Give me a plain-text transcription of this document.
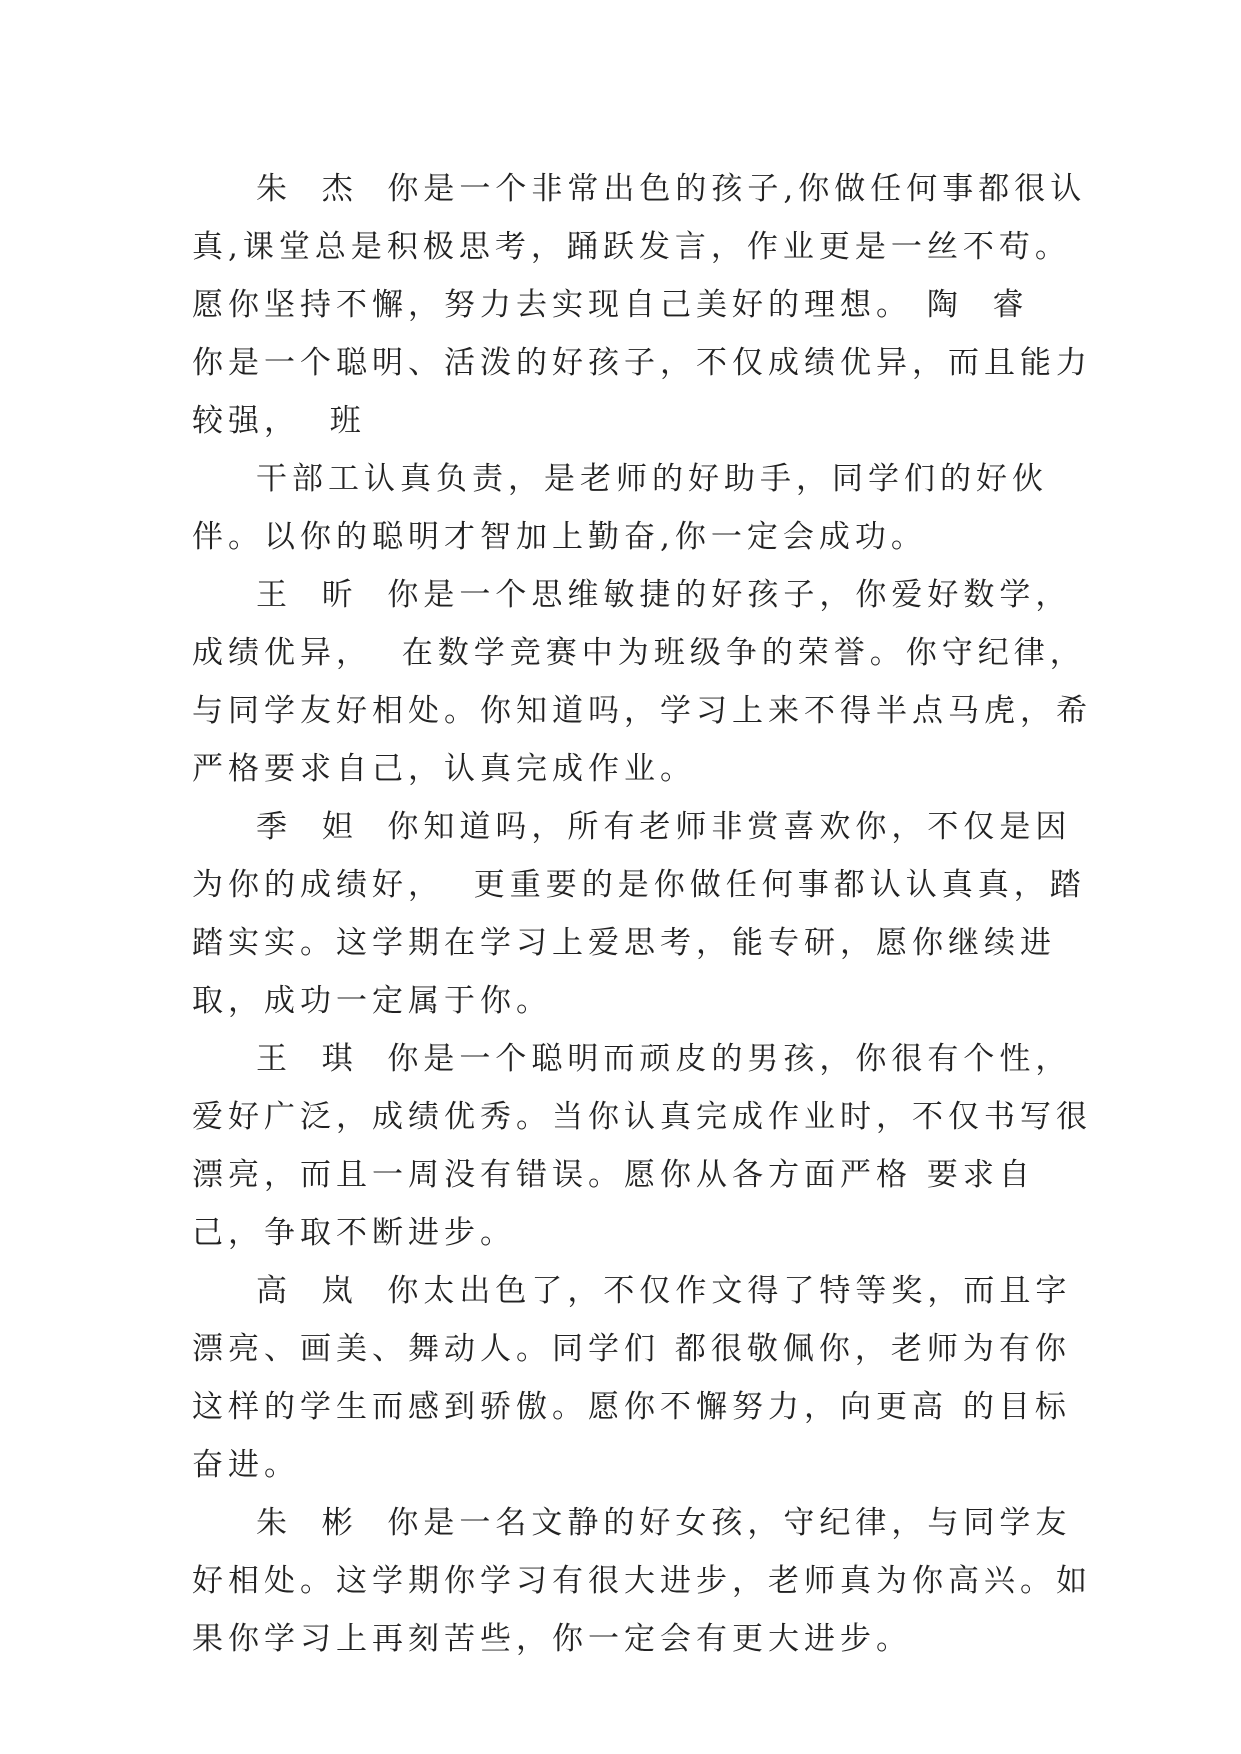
朱  杰  你是一个非常出色的孩子,你做任何事都很认真,课堂总是积极思考，踊跃发言，作业更是一丝不苟。愿你坚持不懈，努力去实现自己美好的理想。 陶  睿  你是一个聪明、活泼的好孩子，不仅成绩优异，而且能力较强，  班

干部工认真负责，是老师的好助手，同学们的好伙伴。以你的聪明才智加上勤奋,你一定会成功。

王  昕  你是一个思维敏捷的好孩子，你爱好数学，成绩优异，  在数学竞赛中为班级争的荣誉。你守纪律，与同学友好相处。你知道吗，学习上来不得半点马虎，希严格要求自己，认真完成作业。

季  妲  你知道吗，所有老师非赏喜欢你，不仅是因为你的成绩好，  更重要的是你做任何事都认认真真，踏踏实实。这学期在学习上爱思考，能专研，愿你继续进取，成功一定属于你。

王  琪  你是一个聪明而顽皮的男孩，你很有个性，爱好广泛，成绩优秀。当你认真完成作业时，不仅书写很漂亮，而且一周没有错误。愿你从各方面严格 要求自己，争取不断进步。

高  岚  你太出色了，不仅作文得了特等奖，而且字漂亮、画美、舞动人。同学们 都很敬佩你，老师为有你这样的学生而感到骄傲。愿你不懈努力，向更高 的目标奋进。

朱  彬  你是一名文静的好女孩，守纪律，与同学友好相处。这学期你学习有很大进步，老师真为你高兴。如果你学习上再刻苦些，你一定会有更大进步。
